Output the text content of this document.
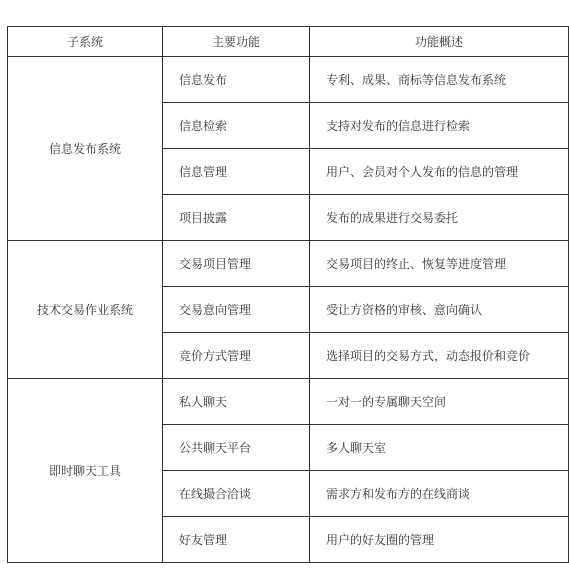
子系统	主要功能	功能概述
信息发布系统	信息发布	专利、成果、商标等信息发布系统
	信息检索	支持对发布的信息进行检索
	信息管理	用户、会员对个人发布的信息的管理
	项目披露	发布的成果进行交易委托
技术交易作业系统	交易项目管理	交易项目的终止、恢复等进度管理
	交易意向管理	受让方资格的审核、意向确认
	竞价方式管理	选择项目的交易方式，动态报价和竞价
即时聊天工具	私人聊天	一对一的专属聊天空间
	公共聊天平台	多人聊天室
	在线撮合洽谈	需求方和发布方的在线商谈
	好友管理	用户的好友圈的管理
